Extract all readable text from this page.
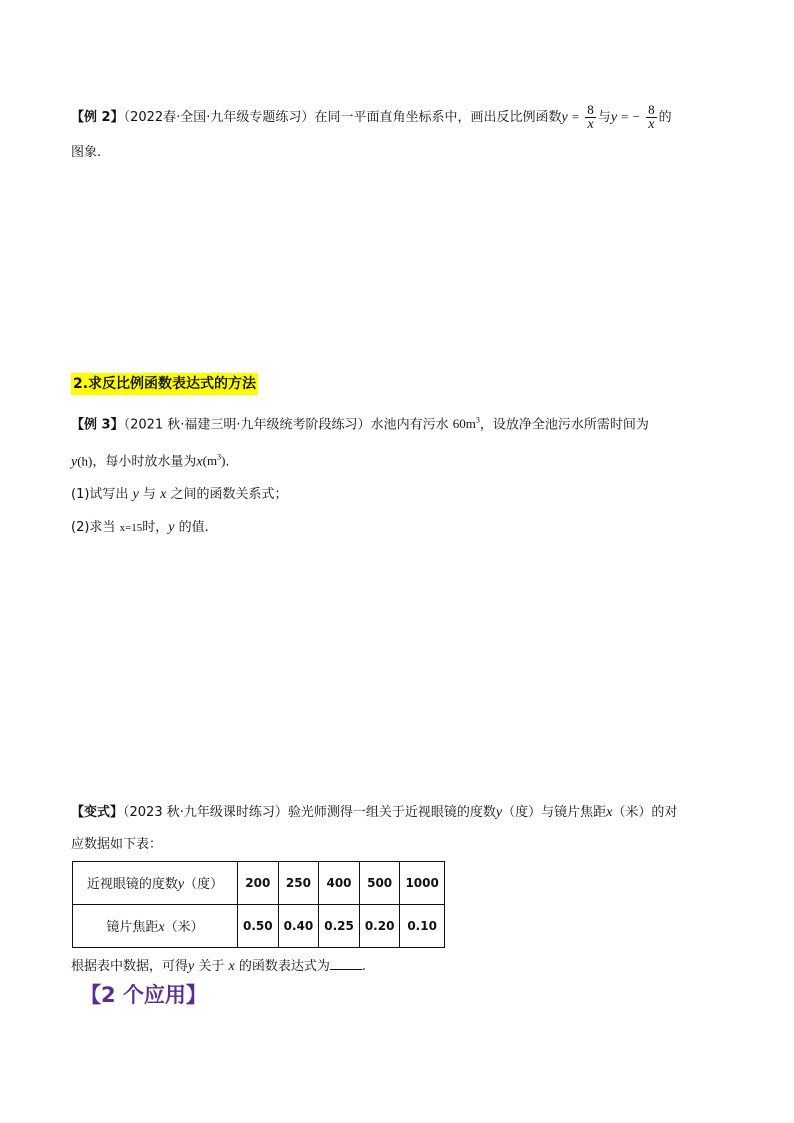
【例 2】（2022春·全国·九年级专题练习）在同一平面直角坐标系中，画出反比例函数$y = \frac{8}{x}$ 与y = − $\frac{8}{x}$ 的
图象.
2.求反比例函数表达式的方法
【例 3】（2021 秋·福建三明·九年级统考阶段练习）水池内有污水 $60m^3$，设放净全池污水所需时间为
y(h)，每小时放水量为$x(m^3)$.
(1)试写出 y 与 x 之间的函数关系式；
(2)求当 x=15时，y 的值.
【变式】（2023 秋·九年级课时练习）验光师测得一组关于近视眼镜的度数y（度）与镜片焦距x（米）的对
应数据如下表：
近视眼镜的度数y（度）	200	250	400	500	1000
镜片焦距x（米）	0.50	0.40	0.25	0.20	0.10
根据表中数据，可得y 关于 x 的函数表达式为 .
【2 个应用】
